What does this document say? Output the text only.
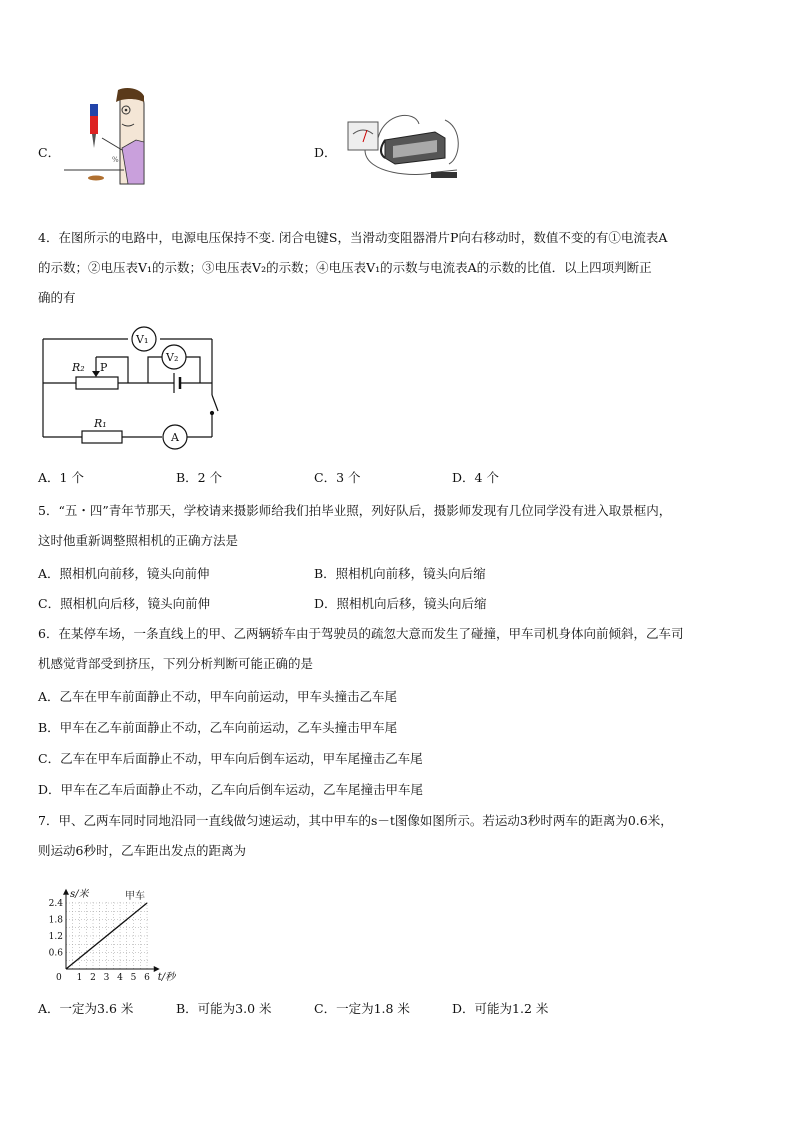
C．	%	D．
4．在图所示的电路中，电源电压保持不变. 闭合电键S，当滑动变阻器滑片P向右移动时，数值不变的有①电流表A
的示数；②电压表V₁的示数；③电压表V₂的示数；④电压表V₁的示数与电流表A的示数的比值．以上四项判断正
确的有
V₁
V₂
R₂ P
R₁
A
A．1 个	B．2 个	C．3 个	D．4 个
5．“五・四”青年节那天，学校请来摄影师给我们拍毕业照，列好队后，摄影师发现有几位同学没有进入取景框内，
这时他重新调整照相机的正确方法是
A．照相机向前移，镜头向前伸	B．照相机向前移，镜头向后缩
C．照相机向后移，镜头向前伸	D．照相机向后移，镜头向后缩
6．在某停车场，一条直线上的甲、乙两辆轿车由于驾驶员的疏忽大意而发生了碰撞，甲车司机身体向前倾斜，乙车司
机感觉背部受到挤压，下列分析判断可能正确的是
A．乙车在甲车前面静止不动，甲车向前运动，甲车头撞击乙车尾
B．甲车在乙车前面静止不动，乙车向前运动，乙车头撞击甲车尾
C．乙车在甲车后面静止不动，甲车向后倒车运动，甲车尾撞击乙车尾
D．甲车在乙车后面静止不动，乙车向后倒车运动，乙车尾撞击甲车尾
7．甲、乙两车同时同地沿同一直线做匀速运动，其中甲车的s－t图像如图所示。若运动3秒时两车的距离为0.6米，
则运动6秒时，乙车距出发点的距离为
1 2 3 4 5 6
0.6
1.2
1.8
2.4
0	t/秒
s/米	甲车
A．一定为3.6 米	B．可能为3.0 米	C．一定为1.8 米	D．可能为1.2 米
